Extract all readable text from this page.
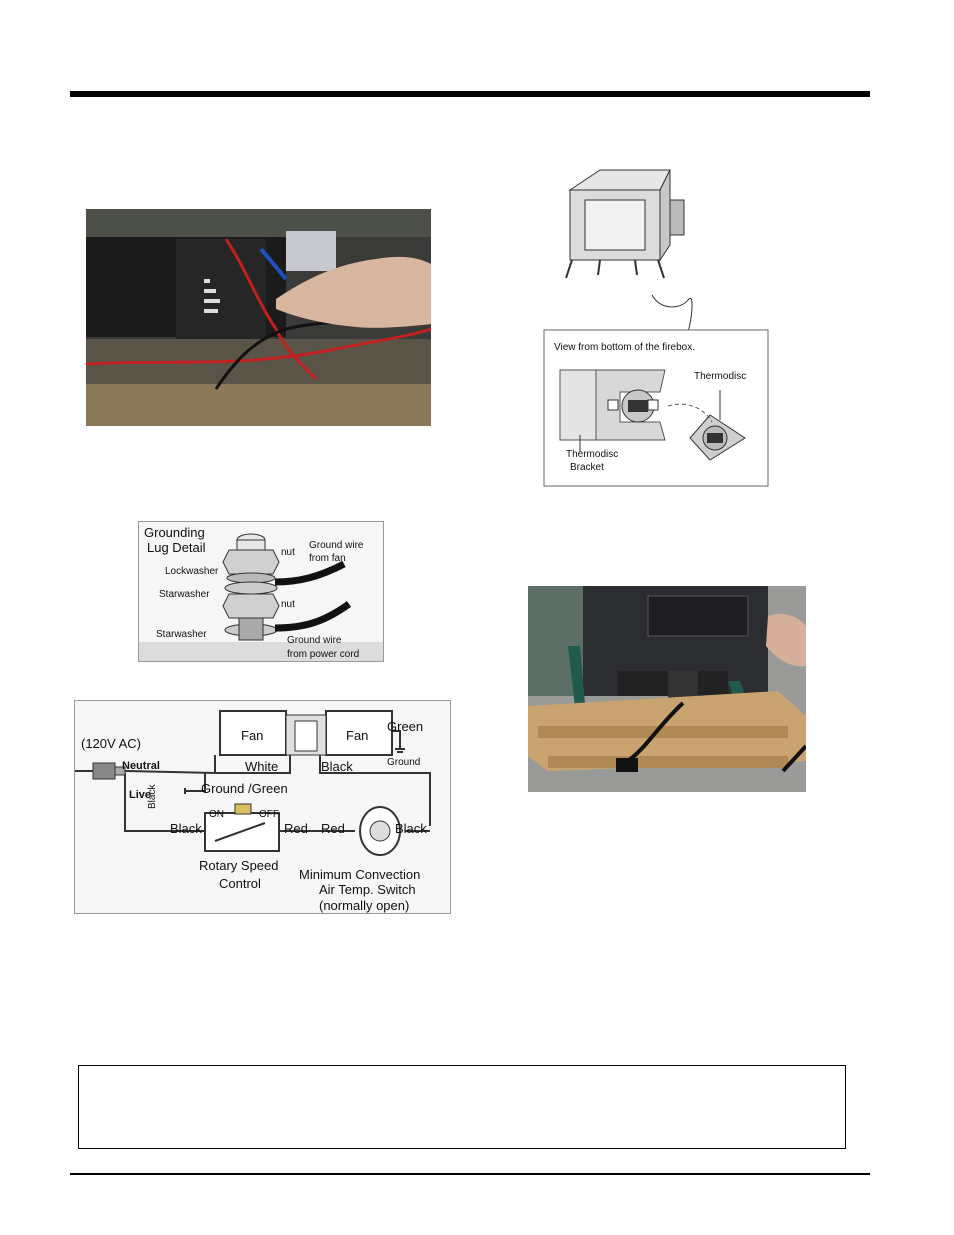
View from bottom of the firebox.
Thermodisc
Thermodisc
Bracket
Grounding
Lug Detail	nut
Ground wire
from fan
Lockwasher
Starwasher
nut
Starwasher
Ground wire
from power cord
(120V AC)
Fan	Fan
Green
Ground
Neutral	White	Black
Live
Black	Ground /Green
ON	OFF
Black	Red Red	Black
Rotary Speed
Control
Minimum Convection
Air Temp. Switch
(normally open)
